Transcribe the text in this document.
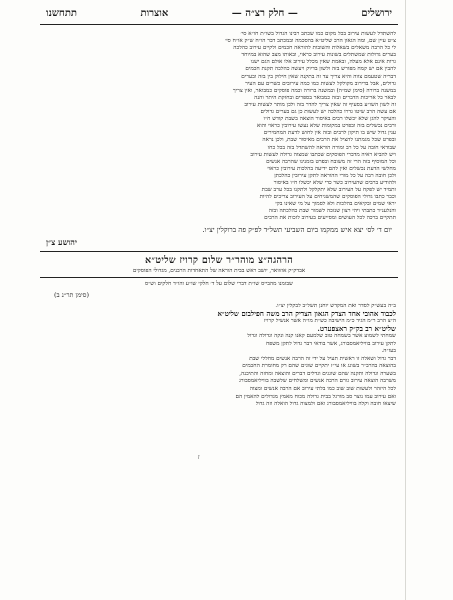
ירושלים
— חלק רצ״ה —
אוצרות
תתחשנו
להשתדל לעשות עירוב בכל מקום כמו שכתב רבינו הגדול בשו״ת חו״א סי׳
צ״ט עיין שם, ומה הגאון הרב שליט״א בהסכמה ובמכתב דבר הו״ח ש״ק או״ח סי׳
לי כל הרבה משאלים בשאלות והשובות להוראה חכמים ולקיים עירוב כהלכה
בערים גדולות שמשתלים בשונות עירוב כראוי, ובאותו מצב שהוא במיוחד
גרות אינם אלא מעלה, ובאמת שאין מכלל עירוב אלו אולם הגם ישנו
להבין אם יש קמח מפורש בזה ולשון בדיוק ויעשה כהלכה תקנת חכמים
דבריה שטעמם צווה והיא צריך עד זה בתקנה שאין חילוק בין בזה ובערים
גדולים, אבל בדירוב מקולקל לעשות כמו כמה עירובים כשרים עם העיר
במשנה ברורה (סימן שמ״ה) ובמשנה ברורה וכמה פוסקים כמבואר, ואין צריך
לבאר כל אריכות הדברים ובזה כמבואר בספרים ובחזקת היתר והנה
זה לשון השו״ע בסעיף זה שאין צריך להדר בזה ולכן מותר לעשות עירוב
אם עשה הרב שיטו גדרו כהלכה יש לעשות כן גם בערים גדולים
והעיקר להגן שלא יכשלו רבים באיסור הוצאה בשבת קודש ח״ו
ורבים נכשלים בזה ובפרט במקומות שלא נעשו עירובין כראוי והוא
ענין גדול שיש בו תיקון לרבים ובזה אין לחוש לדעת המחמירים
ובפרט שכל מגמתנו להציל את הרבים מאיסור שבת, ולכן נראה
שבודאי חובה על כל רב ומורה הוראה להשתדל בזה בכל כחו
ויש להביא ראיה מדברי הפוסקים שכתבו שמצוה גדולה לעשות עירוב
וכל המוסיף בזה הרי זה משובח ובפרט בזמנינו שהרבה אנשים
מחלשי הדעת נכשלים ואין להם ידיעה בהלכות עירובין כראוי
ולכן חובה רבה על כל מורי ההוראה לתקן עירובין כהלכתן
ולהודיע ברבים שהעירוב כשר כדי שלא יכשלו ח״ו באיסור
ותמיד יש לפקח על העירוב שלא יתקלקל ולתקנו בכל ערב שבת
וכבר כתבו גדולי הפוסקים שהמשגיחים על העירוב צריכים להיות
יראי שמים ובקיאים בהלכות ולא לסמוך על מי שאינו בקי
והנלענ״ד כתבתי ויהי רצון שנזכה לשמור שבת כהלכתה ובזה
תתקיים ברכה לכל העושים ומסייעים בעירוב לזכות את הרבים
יום ד׳ לס׳ יצא איש ממקמו ביום השביעי תשל״ד לפ״ק פה ברוקלין יצ״ו.
יהושע צ״ן
הרהגה״צ מוהר״ר שלום קרויז שליט״א
אבדק״ק אוזוואר, יושב ראש בבית הוראה של התאחדות הרבנים, מגדולי הפוסקים
שבזמנו מהבייס שו״ת דברי שלום על ד׳ חלקי שו״ע והו״ד חלקים וש״ס
(סימן תר״נ ב)
ב״ה בעש״ק לסדר ואת המקדש יוחנן תשל״ב לבקלין יצ״ו.
לכבוד אהובי אחד הצדק הגאון הצדיק הרב משה חפילבום שליט״א
ה״צ הרב ר״מ הגיד כ״מ הישיבה כש״ת מו״ה אשר אנשיל קרויז
שליט״א רב בק״ק ראצפערט.
שמחתי לשמוע אשר בשמחה טוב שלמעם קאנו קנה ונקה וגדולה וגדול
לתקן עירוב בוויליאמסבורג, אשר בודאי דבר גדול לתקן משפח
בעז״ה.
דבר גדול ושאלה זו ראשית תעיל על ידי זה הרבה אנשים מחללי שבת
בהוצאה בהרב״ר בשוגג או עי״ז יתקיים שוגים שהם רק מחומרת החכמים
בשערה וגדולה ותקנה שהם שוגגים וגדלים דברים והוצאה ומחזה והתיכנה,
משרבה הוצאה עירוב גורם הרבה אנשים ומשלחים שלשבה בוויליאמסבורג
לכל היזהר ולעשות שוב שוב כמו בלתי עירוב אם הרבה אנשים ומצוה
ואם עירוב עמו נוצר סב מורגל בבית גדולה מכוח מאמץ מגדולים להאמין הם
שיצאו חובה וקלה בוויליאמסבורג ואם ולמצוה גדול הואלה וזה גדול
ז
